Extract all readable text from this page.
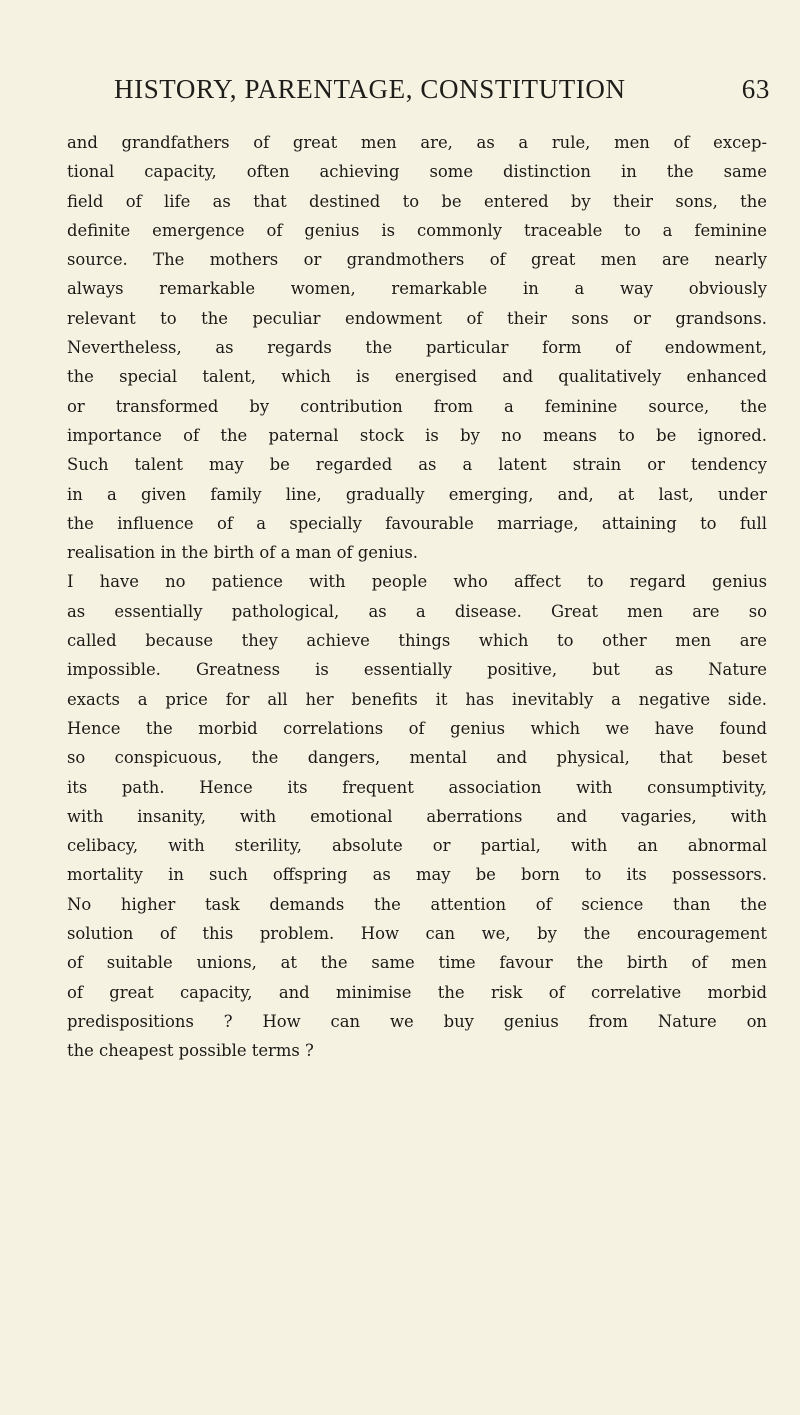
HISTORY, PARENTAGE, CONSTITUTION	63
and grandfathers of great men are, as a rule, men of excep-
tional capacity, often achieving some distinction in the same
field of life as that destined to be entered by their sons, the
definite emergence of genius is commonly traceable to a feminine
source. The mothers or grandmothers of great men are nearly
always remarkable women, remarkable in a way obviously
relevant to the peculiar endowment of their sons or grandsons.
Nevertheless, as regards the particular form of endowment,
the special talent, which is energised and qualitatively enhanced
or transformed by contribution from a feminine source, the
importance of the paternal stock is by no means to be ignored.
Such talent may be regarded as a latent strain or tendency
in a given family line, gradually emerging, and, at last, under
the influence of a specially favourable marriage, attaining to full
realisation in the birth of a man of genius.
I have no patience with people who affect to regard genius
as essentially pathological, as a disease. Great men are so
called because they achieve things which to other men are
impossible. Greatness is essentially positive, but as Nature
exacts a price for all her benefits it has inevitably a negative side.
Hence the morbid correlations of genius which we have found
so conspicuous, the dangers, mental and physical, that beset
its path. Hence its frequent association with consumptivity,
with insanity, with emotional aberrations and vagaries, with
celibacy, with sterility, absolute or partial, with an abnormal
mortality in such offspring as may be born to its possessors.
No higher task demands the attention of science than the
solution of this problem. How can we, by the encouragement
of suitable unions, at the same time favour the birth of men
of great capacity, and minimise the risk of correlative morbid
predispositions ? How can we buy genius from Nature on
the cheapest possible terms ?
